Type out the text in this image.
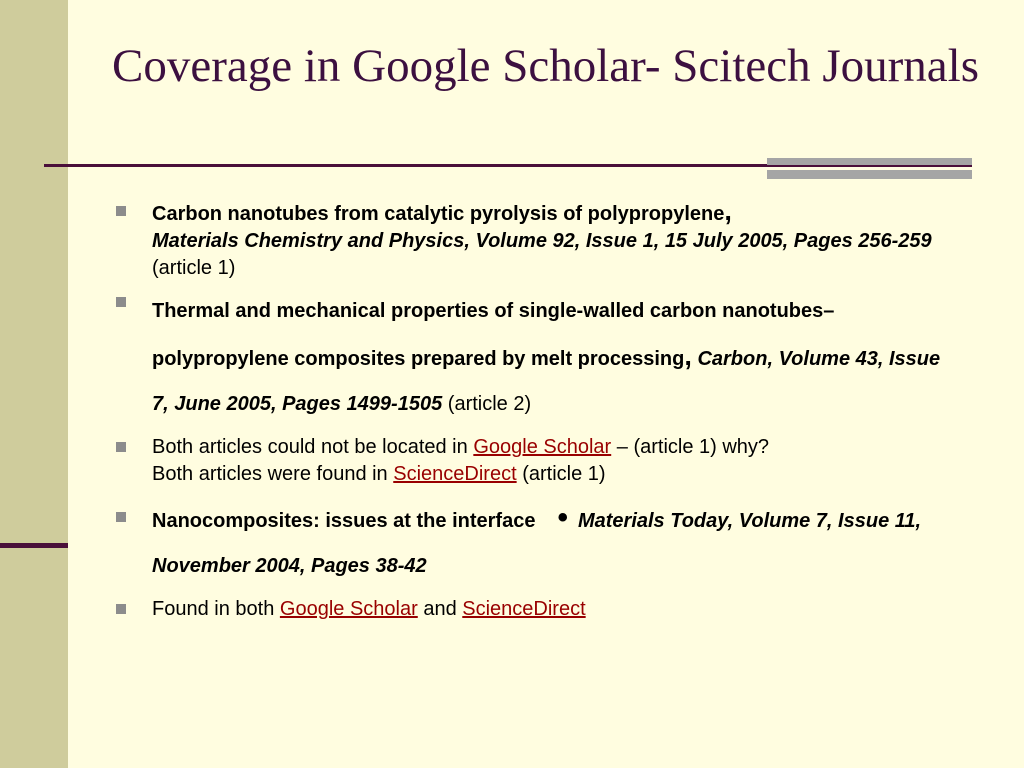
Coverage in Google Scholar- Scitech Journals
Carbon nanotubes from catalytic pyrolysis of polypropylene,
Materials Chemistry and Physics, Volume 92, Issue 1, 15 July 2005, Pages 256-259
(article 1)
Thermal and mechanical properties of single-walled carbon nanotubes–polypropylene composites prepared by melt processing, Carbon, Volume 43, Issue 7, June 2005, Pages 1499-1505 (article 2)
Both articles could not be located in Google Scholar – (article 1) why?
Both articles were found in ScienceDirect (article 1)
Nanocomposites: issues at the interface • Materials Today, Volume 7, Issue 11, November 2004, Pages 38-42
Found in both Google Scholar and ScienceDirect
